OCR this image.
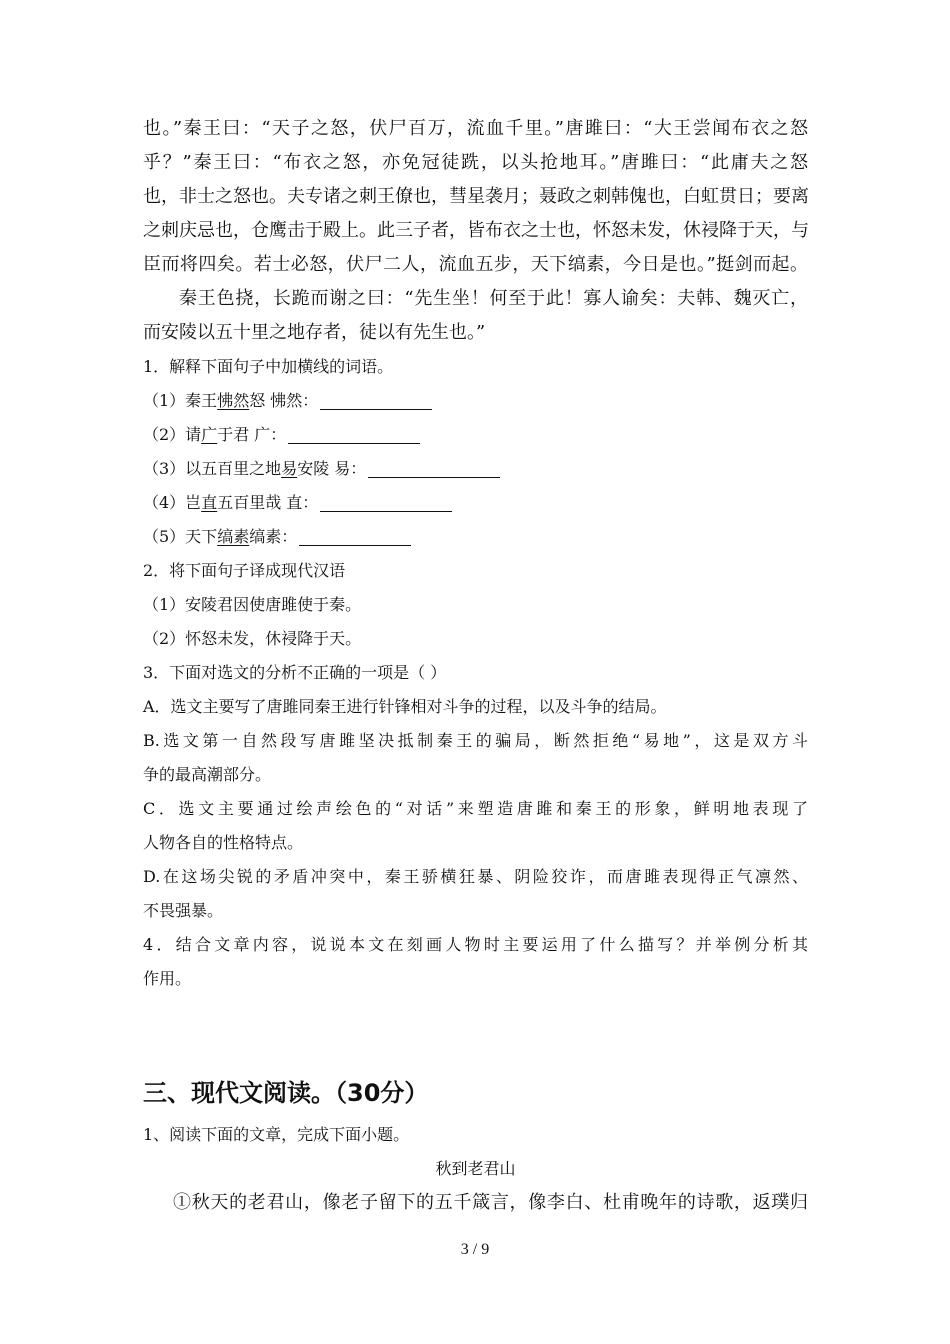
也。”秦王曰：“天子之怒，伏尸百万，流血千里。”唐雎曰：“大王尝闻布衣之怒
乎？”秦王曰：“布衣之怒，亦免冠徒跣，以头抢地耳。”唐雎曰：“此庸夫之怒
也，非士之怒也。夫专诸之刺王僚也，彗星袭月；聂政之刺韩傀也，白虹贯日；要离
之刺庆忌也，仓鹰击于殿上。此三子者，皆布衣之士也，怀怒未发，休祲降于天，与
臣而将四矣。若士必怒，伏尸二人，流血五步，天下缟素，今日是也。”挺剑而起。
秦王色挠，长跪而谢之曰：“先生坐！何至于此！寡人谕矣：夫韩、魏灭亡，
而安陵以五十里之地存者，徒以有先生也。”
1．解释下面句子中加横线的词语。
（1）秦王怫然怒 怫然：
（2）请广于君 广：
（3）以五百里之地易安陵 易：
（4）岂直五百里哉 直：
（5）天下缟素缟素：
2．将下面句子译成现代汉语
（1）安陵君因使唐雎使于秦。
（2）怀怒未发，休祲降于天。
3．下面对选文的分析不正确的一项是（ ）
A．选文主要写了唐雎同秦王进行针锋相对斗争的过程，以及斗争的结局。
B.选文第一自然段写唐雎坚决抵制秦王的骗局，断然拒绝“易地”，这是双方斗
争的最高潮部分。
C．选文主要通过绘声绘色的“对话”来塑造唐雎和秦王的形象，鲜明地表现了
人物各自的性格特点。
D.在这场尖锐的矛盾冲突中，秦王骄横狂暴、阴险狡诈，而唐雎表现得正气凛然、
不畏强暴。
4．结合文章内容，说说本文在刻画人物时主要运用了什么描写？并举例分析其
作用。
三、现代文阅读。（30分）
1、阅读下面的文章，完成下面小题。
秋到老君山
①秋天的老君山，像老子留下的五千箴言，像李白、杜甫晚年的诗歌，返璞归
3 / 9
